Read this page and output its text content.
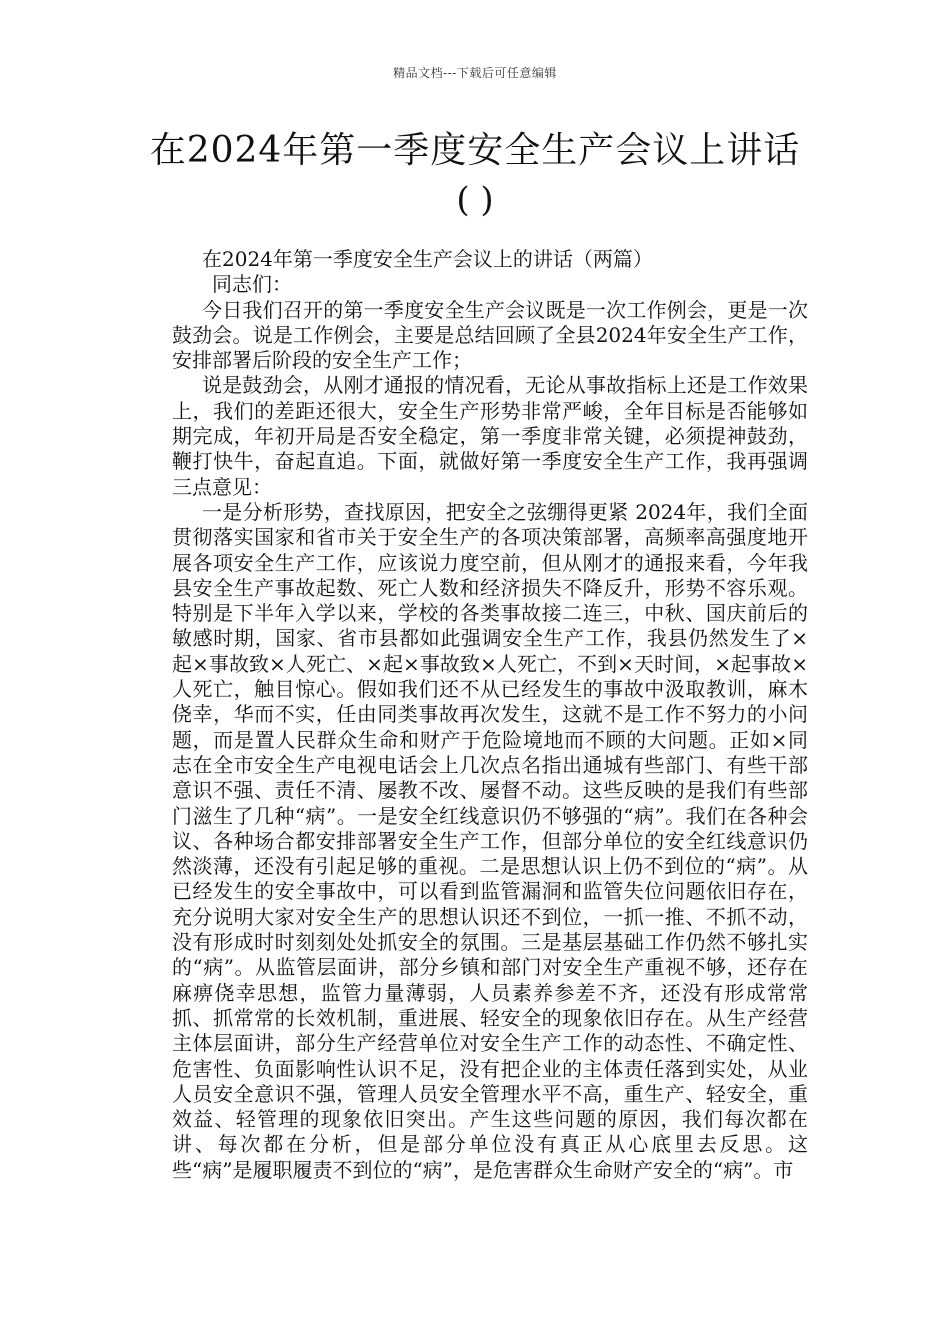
精品文档---下载后可任意编辑
在2024年第一季度安全生产会议上讲话
( )

在2024年第一季度安全生产会议上的讲话（两篇）

同志们：

今日我们召开的第一季度安全生产会议既是一次工作例会，更是一次鼓劲会。说是工作例会，主要是总结回顾了全县2024年安全生产工作，安排部署后阶段的安全生产工作；

说是鼓劲会，从刚才通报的情况看，无论从事故指标上还是工作效果上，我们的差距还很大，安全生产形势非常严峻，全年目标是否能够如期完成，年初开局是否安全稳定，第一季度非常关键，必须提神鼓劲，鞭打快牛，奋起直追。下面，就做好第一季度安全生产工作，我再强调三点意见：

一是分析形势，查找原因，把安全之弦绷得更紧 2024年，我们全面贯彻落实国家和省市关于安全生产的各项决策部署，高频率高强度地开展各项安全生产工作，应该说力度空前，但从刚才的通报来看，今年我县安全生产事故起数、死亡人数和经济损失不降反升，形势不容乐观。特别是下半年入学以来，学校的各类事故接二连三，中秋、国庆前后的敏感时期，国家、省市县都如此强调安全生产工作，我县仍然发生了×起×事故致×人死亡、×起×事故致×人死亡，不到×天时间，×起事故×人死亡，触目惊心。假如我们还不从已经发生的事故中汲取教训，麻木侥幸，华而不实，任由同类事故再次发生，这就不是工作不努力的小问题，而是置人民群众生命和财产于危险境地而不顾的大问题。正如×同志在全市安全生产电视电话会上几次点名指出通城有些部门、有些干部意识不强、责任不清、屡教不改、屡督不动。这些反映的是我们有些部门滋生了几种“病”。一是安全红线意识仍不够强的“病”。我们在各种会议、各种场合都安排部署安全生产工作，但部分单位的安全红线意识仍然淡薄，还没有引起足够的重视。二是思想认识上仍不到位的“病”。从已经发生的安全事故中，可以看到监管漏洞和监管失位问题依旧存在，充分说明大家对安全生产的思想认识还不到位，一抓一推、不抓不动，没有形成时时刻刻处处抓安全的氛围。三是基层基础工作仍然不够扎实的“病”。从监管层面讲，部分乡镇和部门对安全生产重视不够，还存在麻痹侥幸思想，监管力量薄弱，人员素养参差不齐，还没有形成常常抓、抓常常的长效机制，重进展、轻安全的现象依旧存在。从生产经营主体层面讲，部分生产经营单位对安全生产工作的动态性、不确定性、危害性、负面影响性认识不足，没有把企业的主体责任落到实处，从业人员安全意识不强，管理人员安全管理水平不高，重生产、轻安全，重效益、轻管理的现象依旧突出。产生这些问题的原因，我们每次都在讲、每次都在分析，但是部分单位没有真正从心底里去反思。这些“病”是履职履责不到位的“病”，是危害群众生命财产安全的“病”。市
